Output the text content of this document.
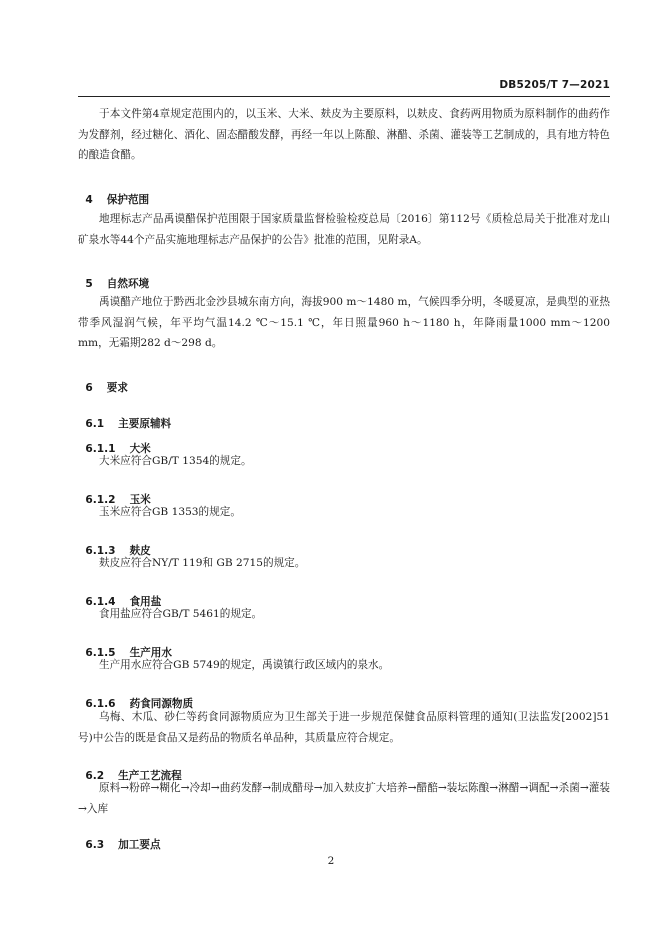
DB5205/T 7—2021

于本文件第4章规定范围内的，以玉米、大米、麸皮为主要原料，以麸皮、食药两用物质为原料制作的曲药作为发酵剂，经过糖化、酒化、固态醋酸发酵，再经一年以上陈酿、淋醋、杀菌、灌装等工艺制成的，具有地方特色的酿造食醋。

4 保护范围

地理标志产品禹谟醋保护范围限于国家质量监督检验检疫总局〔2016〕第112号《质检总局关于批准对龙山矿泉水等44个产品实施地理标志产品保护的公告》批准的范围，见附录A。

5 自然环境

禹谟醋产地位于黔西北金沙县城东南方向，海拔900 m～1480 m，气候四季分明，冬暖夏凉，是典型的亚热带季风湿润气候，年平均气温14.2 ℃～15.1 ℃，年日照量960 h～1180 h，年降雨量1000 mm～1200 mm，无霜期282 d～298 d。

6 要求

6.1 主要原辅料

6.1.1 大米

大米应符合GB/T 1354的规定。

6.1.2 玉米

玉米应符合GB 1353的规定。

6.1.3 麸皮

麸皮应符合NY/T 119和 GB 2715的规定。

6.1.4 食用盐

食用盐应符合GB/T 5461的规定。

6.1.5 生产用水

生产用水应符合GB 5749的规定，禹谟镇行政区域内的泉水。

6.1.6 药食同源物质

乌梅、木瓜、砂仁等药食同源物质应为卫生部关于进一步规范保健食品原料管理的通知(卫法监发[2002]51号)中公告的既是食品又是药品的物质名单品种，其质量应符合规定。

6.2 生产工艺流程

原料→粉碎→糊化→冷却→曲药发酵→制成醋母→加入麸皮扩大培养→醋醅→装坛陈酿→淋醋→调配→杀菌→灌装→入库

6.3 加工要点

2
